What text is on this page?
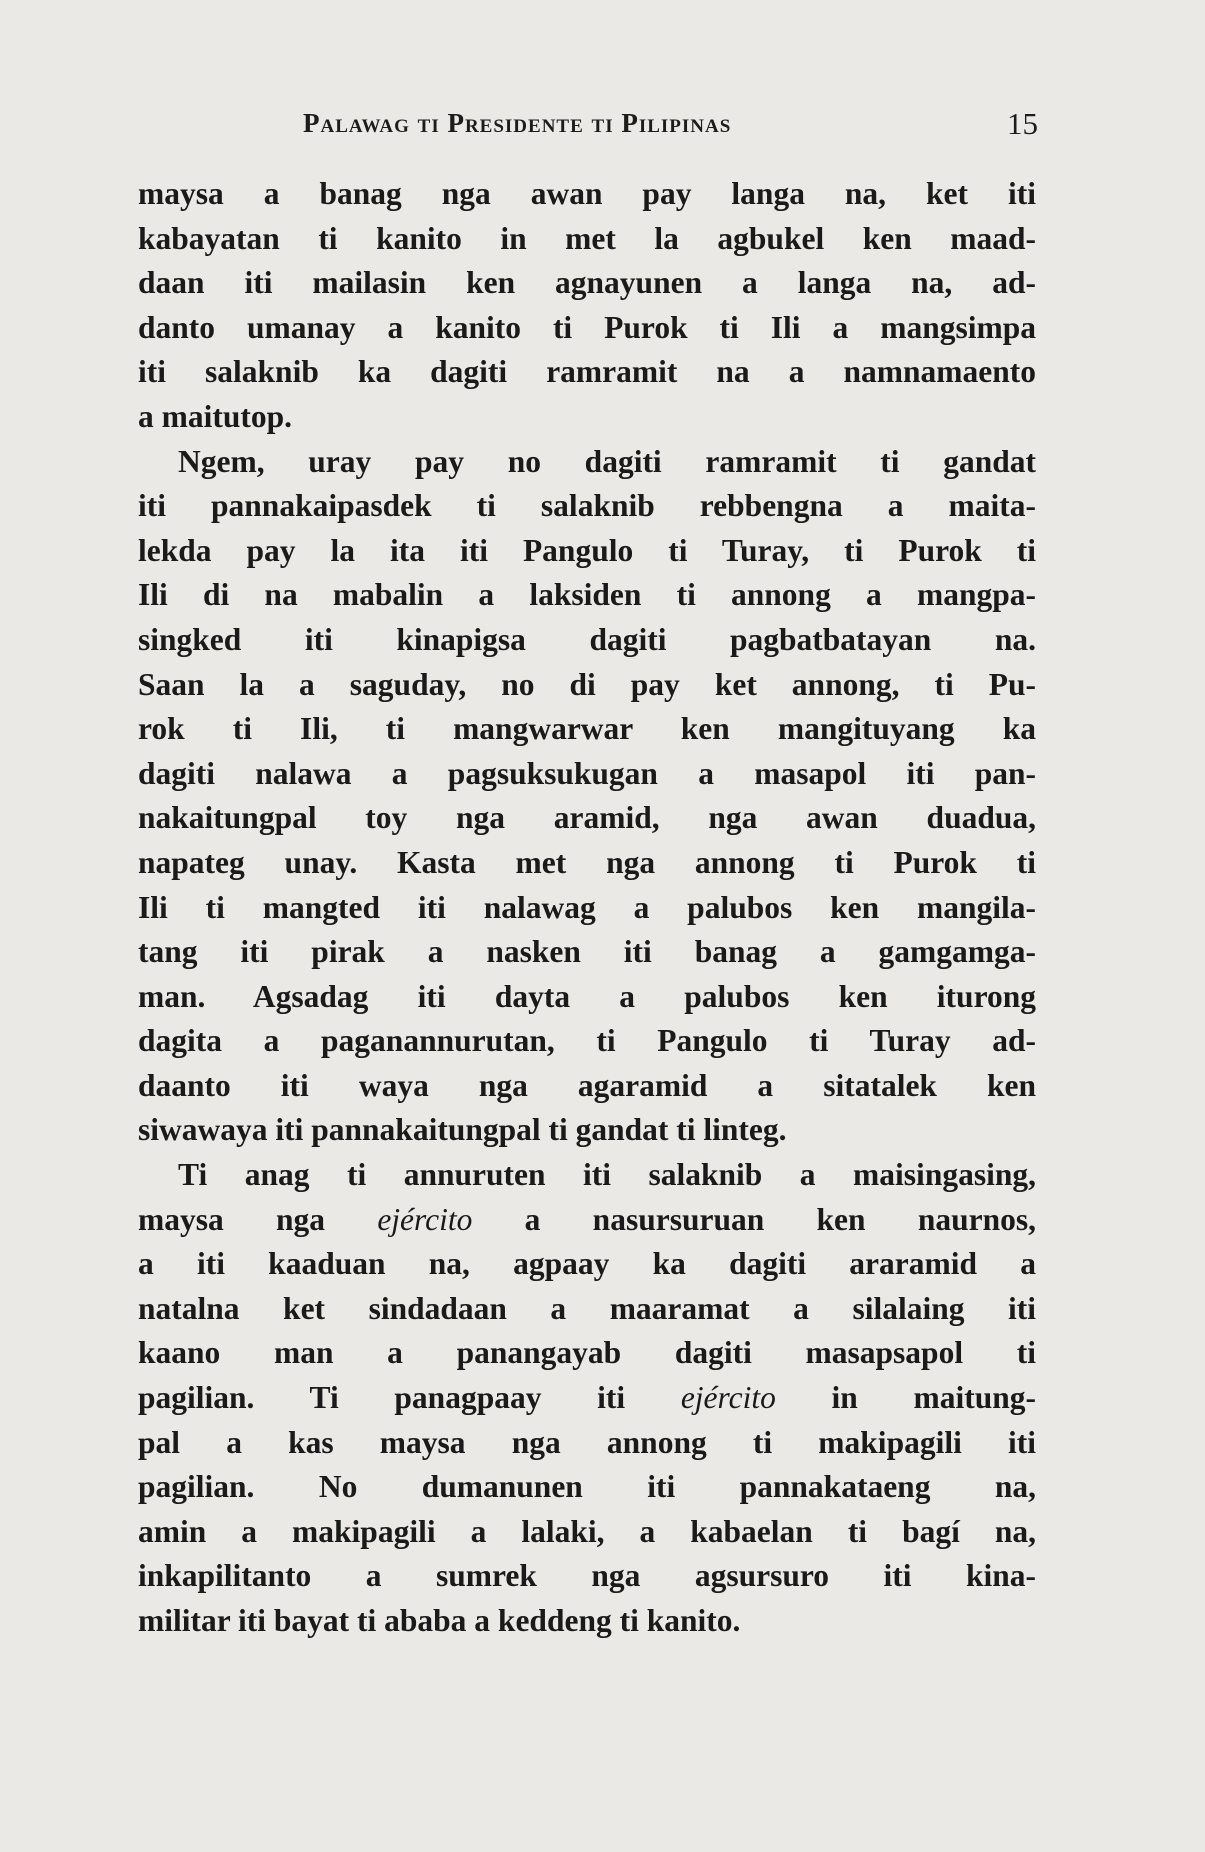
Palawag ti Presidente ti Pilipinas	15
maysa a banag nga awan pay langa na, ket iti
kabayatan ti kanito in met la agbukel ken maad-
daan iti mailasin ken agnayunen a langa na, ad-
danto umanay a kanito ti Purok ti Ili a mangsimpa
iti salaknib ka dagiti ramramit na a namnamaento
a maitutop.
Ngem, uray pay no dagiti ramramit ti gandat
iti pannakaipasdek ti salaknib rebbengna a maita-
lekda pay la ita iti Pangulo ti Turay, ti Purok ti
Ili di na mabalin a laksiden ti annong a mangpa-
singked iti kinapigsa dagiti pagbatbatayan na.
Saan la a saguday, no di pay ket annong, ti Pu-
rok ti Ili, ti mangwarwar ken mangituyang ka
dagiti nalawa a pagsuksukugan a masapol iti pan-
nakaitungpal toy nga aramid, nga awan duadua,
napateg unay. Kasta met nga annong ti Purok ti
Ili ti mangted iti nalawag a palubos ken mangila-
tang iti pirak a nasken iti banag a gamgamga-
man. Agsadag iti dayta a palubos ken iturong
dagita a paganannurutan, ti Pangulo ti Turay ad-
daanto iti waya nga agaramid a sitatalek ken
siwawaya iti pannakaitungpal ti gandat ti linteg.
Ti anag ti annuruten iti salaknib a maisingasing,
maysa nga ejército a nasursuruan ken naurnos,
a iti kaaduan na, agpaay ka dagiti araramid a
natalna ket sindadaan a maaramat a silalaing iti
kaano man a panangayab dagiti masapsapol ti
pagilian. Ti panagpaay iti ejército in maitung-
pal a kas maysa nga annong ti makipagili iti
pagilian. No dumanunen iti pannakataeng na,
amin a makipagili a lalaki, a kabaelan ti bagí na,
inkapilitanto a sumrek nga agsursuro iti kina-
militar iti bayat ti ababa a keddeng ti kanito.
